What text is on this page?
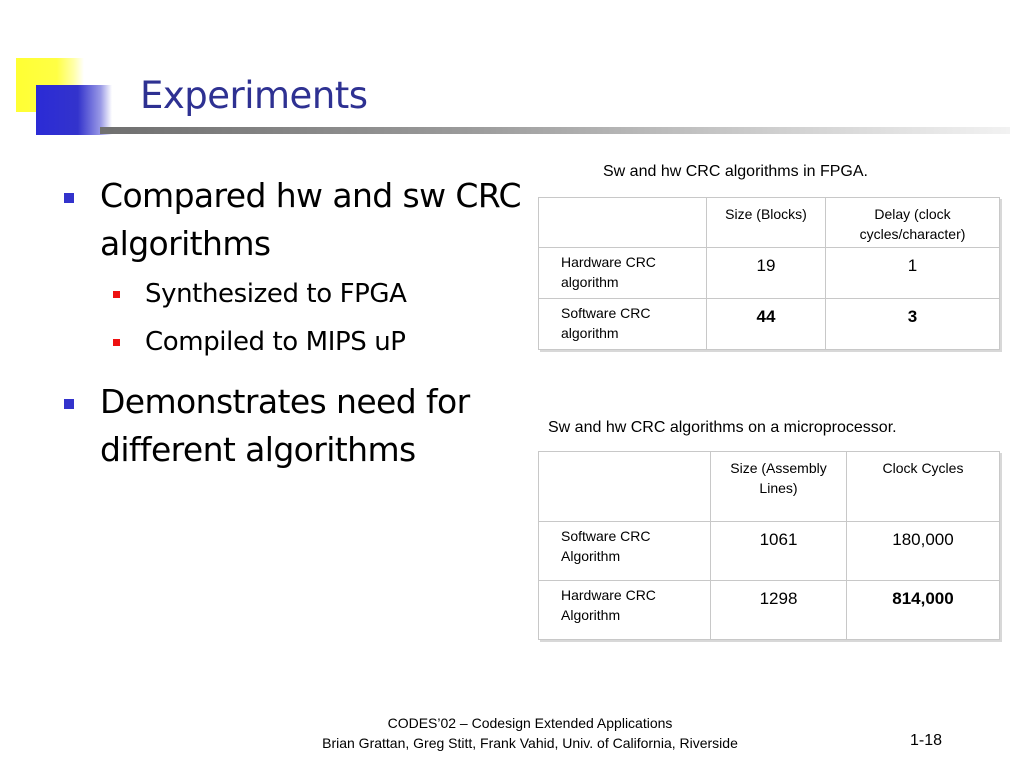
Experiments
Compared hw and sw CRC algorithms
Synthesized to FPGA
Compiled to MIPS uP
Demonstrates need for different algorithms
Sw and hw CRC algorithms in FPGA.
	Size (Blocks)	Delay (clock cycles/character)
Hardware CRC algorithm	19	1
Software CRC algorithm	44	3
Sw and hw CRC algorithms on a microprocessor.
	Size (Assembly Lines)	Clock Cycles
Software CRC Algorithm	1061	180,000
Hardware CRC Algorithm	1298	814,000
CODES’02 – Codesign Extended Applications
Brian Grattan, Greg Stitt, Frank Vahid, Univ. of California, Riverside	1-18
